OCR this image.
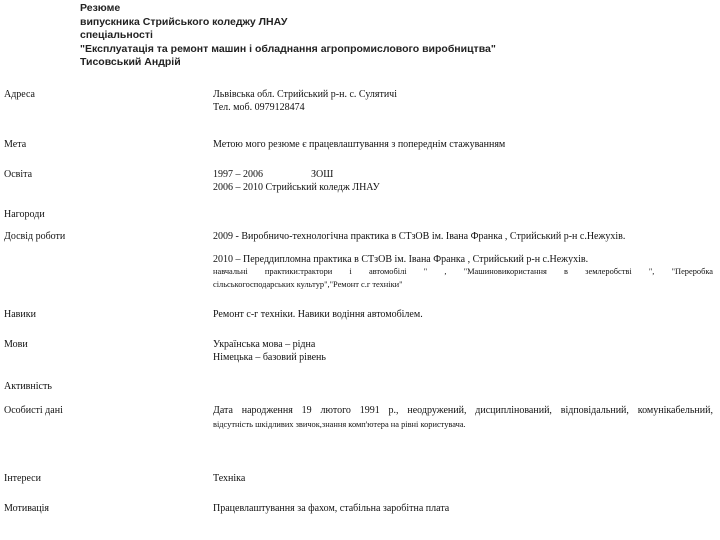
Резюме
випускника Стрийського коледжу ЛНАУ
спеціальності
"Експлуатація та ремонт машин і обладнання агропромислового виробництва"
Тисовський Андрій
Адреса	Львівська обл. Стрийський р-н. с. Сулятичі
Тел. моб. 0979128474
Мета	Метою мого резюме є працевлаштування з попереднім стажуванням
Освіта	1997 – 2006	ЗОШ
2006 – 2010 Стрийський коледж ЛНАУ
Нагороди
Досвід роботи	2009 - Виробничо-технологічна практика в СТзОВ ім. Івана Франка , Стрийський р-н с.Нежухів.
2010 – Переддипломна практика в СТзОВ ім. Івана Франка , Стрийський р-н с.Нежухів.
навчальні практики:трактори і автомобілі " , "Машиновикористання в землеробстві ", "Переробка
сільськогосподарських культур","Ремонт с.г техніки"
Навики	Ремонт с-г техніки. Навики водіння автомобілем.
Мови	Українська мова – рідна
Німецька – базовий рівень
Активність
Особисті дані	Дата народження 19 лютого 1991 р., неодружений, дисциплінований, відповідальний, комунікабельний,
відсутність шкідливих звичок,знання комп'ютера на рівні користувача.
Інтереси	Техніка
Мотивація	Працевлаштування за фахом, стабільна заробітна плата
